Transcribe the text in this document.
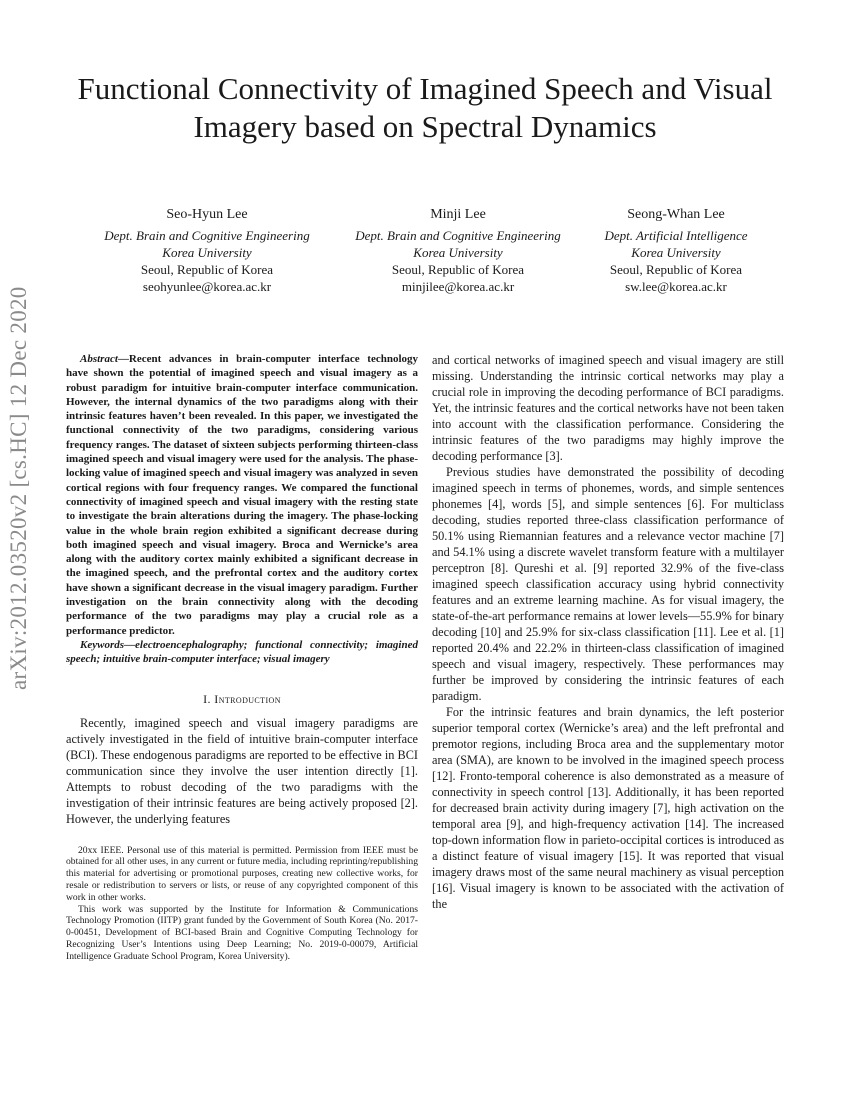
arXiv:2012.03520v2 [cs.HC] 12 Dec 2020
Functional Connectivity of Imagined Speech and Visual Imagery based on Spectral Dynamics
Seo-Hyun Lee
Dept. Brain and Cognitive Engineering
Korea University
Seoul, Republic of Korea
seohyunlee@korea.ac.kr
Minji Lee
Dept. Brain and Cognitive Engineering
Korea University
Seoul, Republic of Korea
minjilee@korea.ac.kr
Seong-Whan Lee
Dept. Artificial Intelligence
Korea University
Seoul, Republic of Korea
sw.lee@korea.ac.kr

Abstract—Recent advances in brain-computer interface technology have shown the potential of imagined speech and visual imagery as a robust paradigm for intuitive brain-computer interface communication. However, the internal dynamics of the two paradigms along with their intrinsic features haven’t been revealed. In this paper, we investigated the functional connectivity of the two paradigms, considering various frequency ranges. The dataset of sixteen subjects performing thirteen-class imagined speech and visual imagery were used for the analysis. The phase-locking value of imagined speech and visual imagery was analyzed in seven cortical regions with four frequency ranges. We compared the functional connectivity of imagined speech and visual imagery with the resting state to investigate the brain alterations during the imagery. The phase-locking value in the whole brain region exhibited a significant decrease during both imagined speech and visual imagery. Broca and Wernicke’s area along with the auditory cortex mainly exhibited a significant decrease in the imagined speech, and the prefrontal cortex and the auditory cortex have shown a significant decrease in the visual imagery paradigm. Further investigation on the brain connectivity along with the decoding performance of the two paradigms may play a crucial role as a performance predictor.

Keywords—electroencephalography; functional connectivity; imagined speech; intuitive brain-computer interface; visual imagery

I. Introduction

Recently, imagined speech and visual imagery paradigms are actively investigated in the field of intuitive brain-computer interface (BCI). These endogenous paradigms are reported to be effective in BCI communication since they involve the user intention directly [1]. Attempts to robust decoding of the two paradigms with the investigation of their intrinsic features are being actively proposed [2]. However, the underlying features

20xx IEEE. Personal use of this material is permitted. Permission from IEEE must be obtained for all other uses, in any current or future media, including reprinting/republishing this material for advertising or promotional purposes, creating new collective works, for resale or redistribution to servers or lists, or reuse of any copyrighted component of this work in other works.

This work was supported by the Institute for Information & Communications Technology Promotion (IITP) grant funded by the Government of South Korea (No. 2017-0-00451, Development of BCI-based Brain and Cognitive Computing Technology for Recognizing User’s Intentions using Deep Learning; No. 2019-0-00079, Artificial Intelligence Graduate School Program, Korea University).

and cortical networks of imagined speech and visual imagery are still missing. Understanding the intrinsic cortical networks may play a crucial role in improving the decoding performance of BCI paradigms. Yet, the intrinsic features and the cortical networks have not been taken into account with the classification performance. Considering the intrinsic features of the two paradigms may highly improve the decoding performance [3].

Previous studies have demonstrated the possibility of decoding imagined speech in terms of phonemes, words, and simple sentences phonemes [4], words [5], and simple sentences [6]. For multiclass decoding, studies reported three-class classification performance of 50.1% using Riemannian features and a relevance vector machine [7] and 54.1% using a discrete wavelet transform feature with a multilayer perceptron [8]. Qureshi et al. [9] reported 32.9% of the five-class imagined speech classification accuracy using hybrid connectivity features and an extreme learning machine. As for visual imagery, the state-of-the-art performance remains at lower levels—55.9% for binary decoding [10] and 25.9% for six-class classification [11]. Lee et al. [1] reported 20.4% and 22.2% in thirteen-class classification of imagined speech and visual imagery, respectively. These performances may further be improved by considering the intrinsic features of each paradigm.

For the intrinsic features and brain dynamics, the left posterior superior temporal cortex (Wernicke’s area) and the left prefrontal and premotor regions, including Broca area and the supplementary motor area (SMA), are known to be involved in the imagined speech process [12]. Fronto-temporal coherence is also demonstrated as a measure of connectivity in speech control [13]. Additionally, it has been reported for decreased brain activity during imagery [7], high activation on the temporal area [9], and high-frequency activation [14]. The increased top-down information flow in parieto-occipital cortices is introduced as a distinct feature of visual imagery [15]. It was reported that visual imagery draws most of the same neural machinery as visual perception [16]. Visual imagery is known to be associated with the activation of the
